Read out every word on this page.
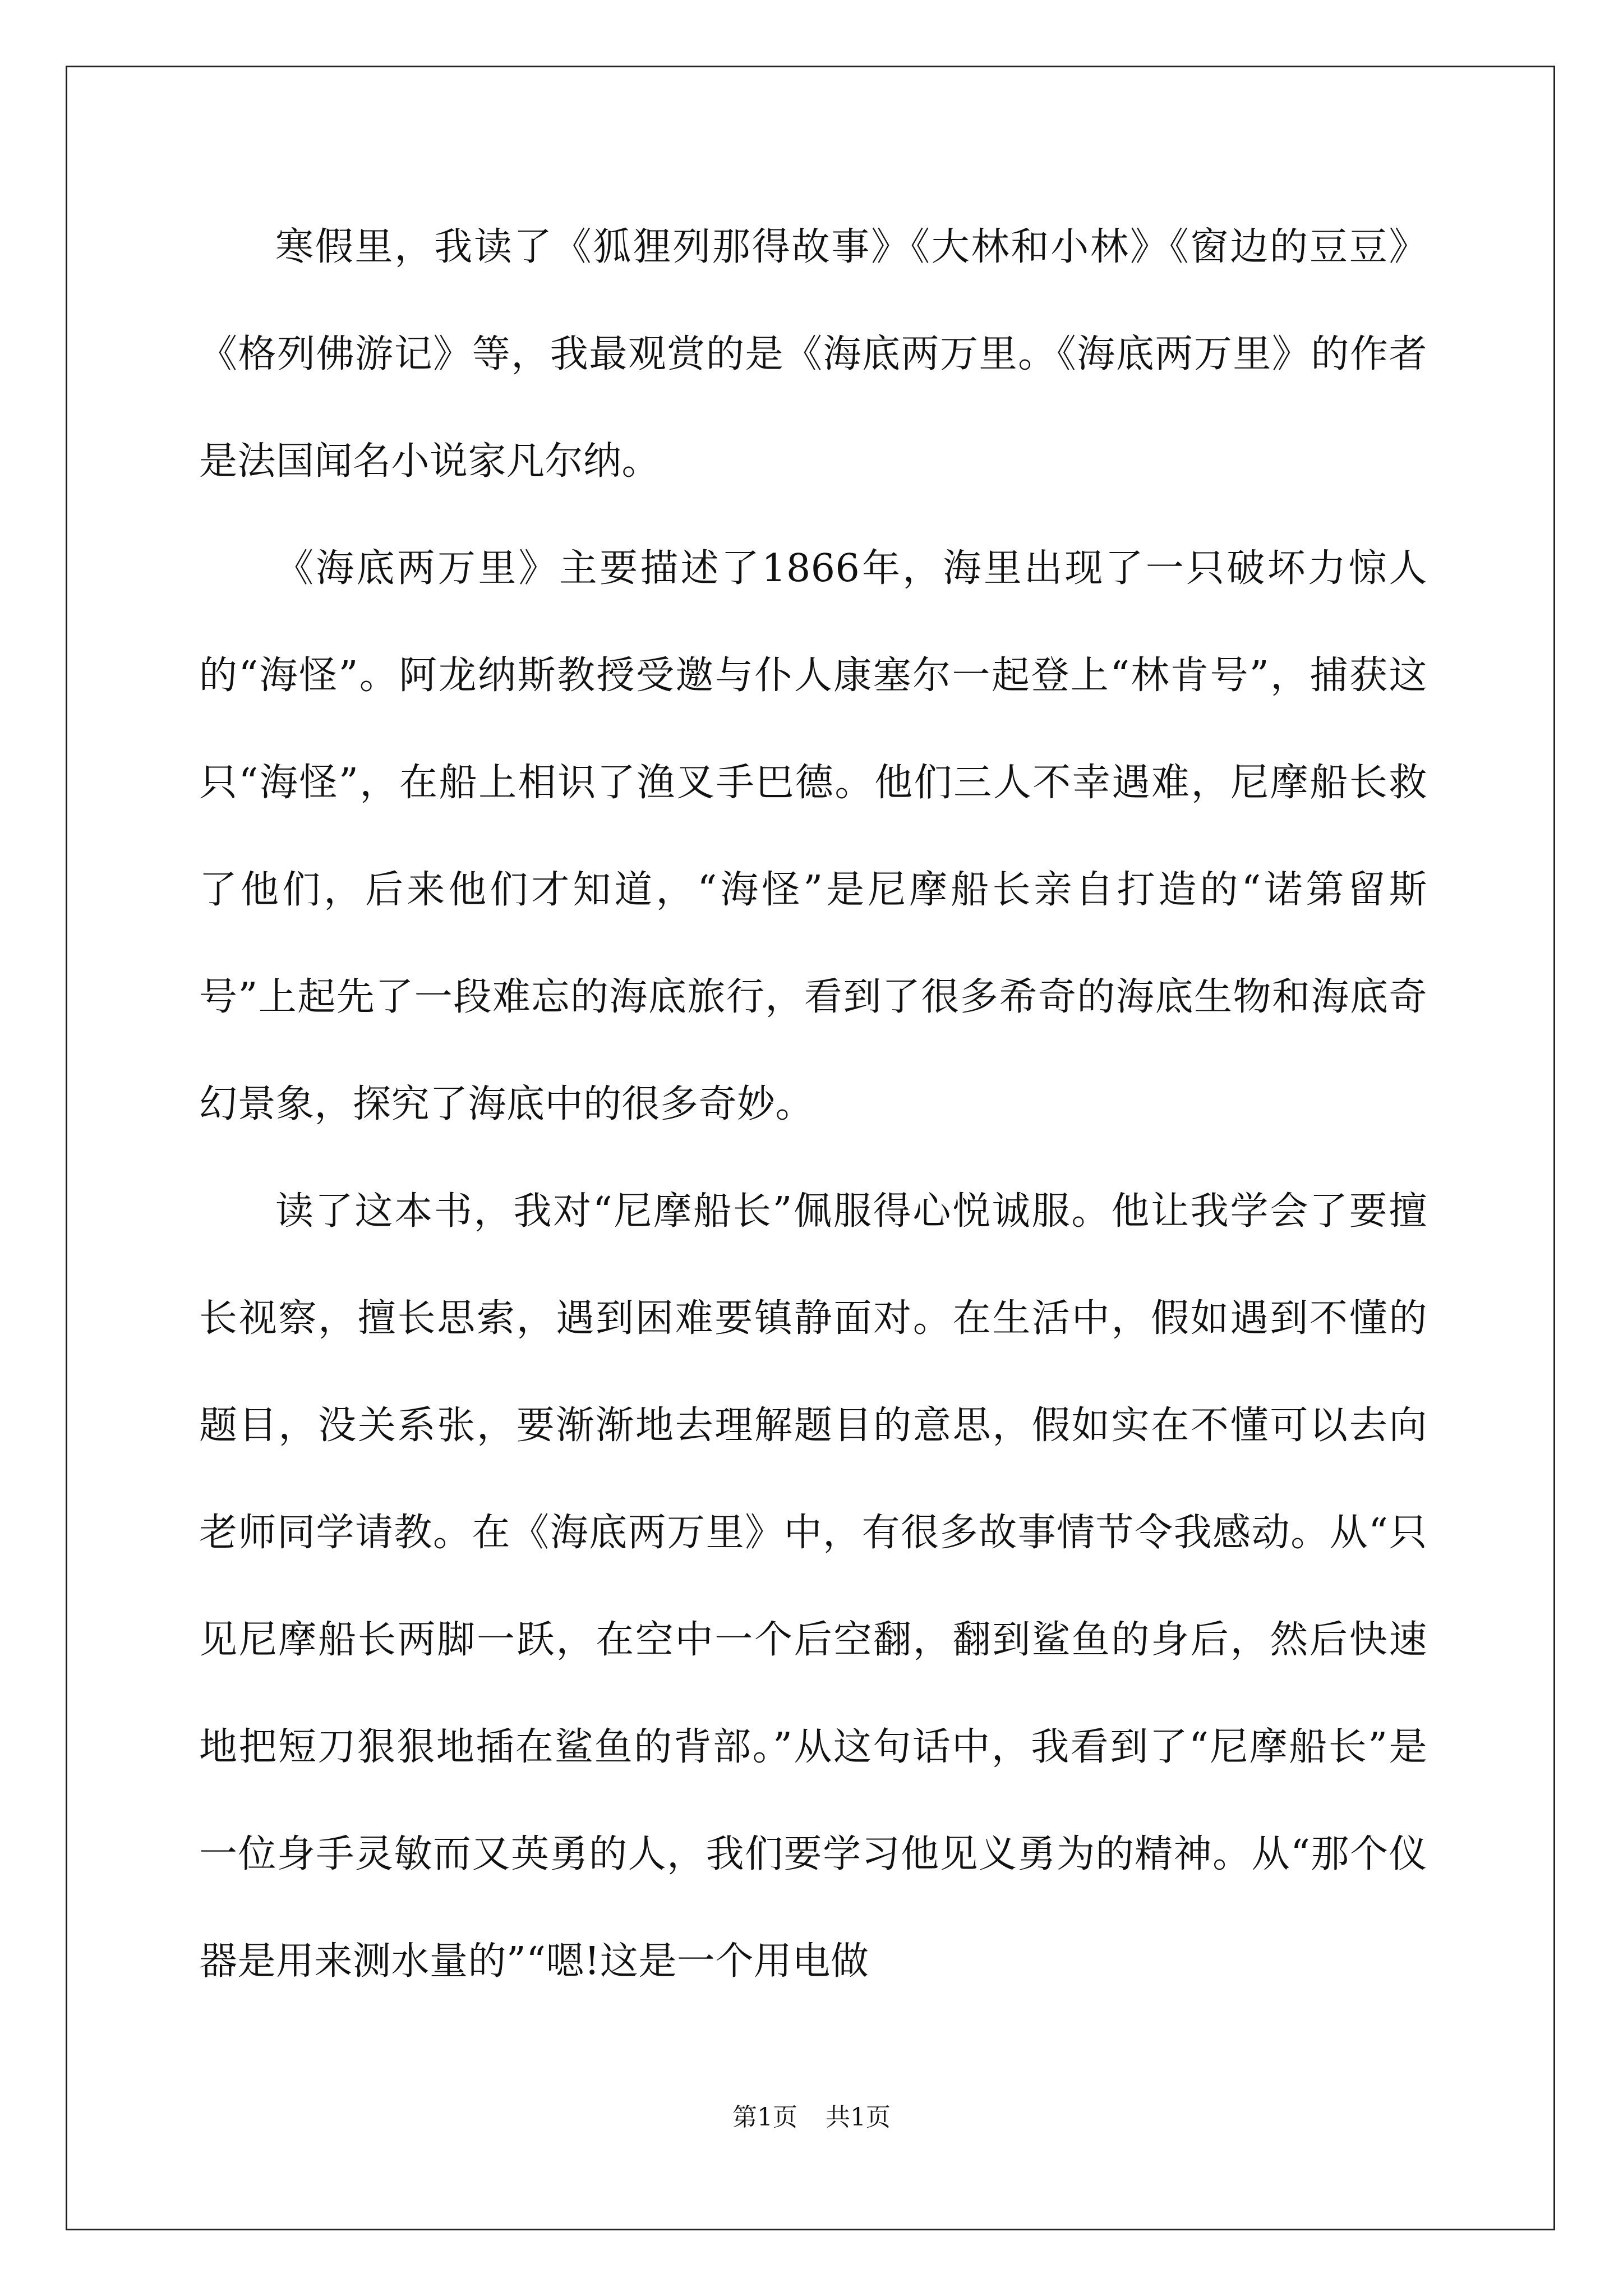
寒假里，我读了《狐狸列那得故事》《大林和小林》《窗边的豆豆》《格列佛游记》等，我最观赏的是《海底两万里。《海底两万里》的作者是法国闻名小说家凡尔纳。

《海底两万里》主要描述了1866年，海里出现了一只破坏力惊人的“海怪”。阿龙纳斯教授受邀与仆人康塞尔一起登上“林肯号”，捕获这只“海怪”，在船上相识了渔叉手巴德。他们三人不幸遇难，尼摩船长救了他们，后来他们才知道，“海怪”是尼摩船长亲自打造的“诺第留斯号”上起先了一段难忘的海底旅行，看到了很多希奇的海底生物和海底奇幻景象，探究了海底中的很多奇妙。

读了这本书，我对“尼摩船长”佩服得心悦诚服。他让我学会了要擅长视察，擅长思索，遇到困难要镇静面对。在生活中，假如遇到不懂的题目，没关系张，要渐渐地去理解题目的意思，假如实在不懂可以去向老师同学请教。在《海底两万里》中，有很多故事情节令我感动。从“只见尼摩船长两脚一跃，在空中一个后空翻，翻到鲨鱼的身后，然后快速地把短刀狠狠地插在鲨鱼的背部。”从这句话中，我看到了“尼摩船长”是一位身手灵敏而又英勇的人，我们要学习他见义勇为的精神。从“那个仪器是用来测水量的”“嗯!这是一个用电做

第1页 共1页
